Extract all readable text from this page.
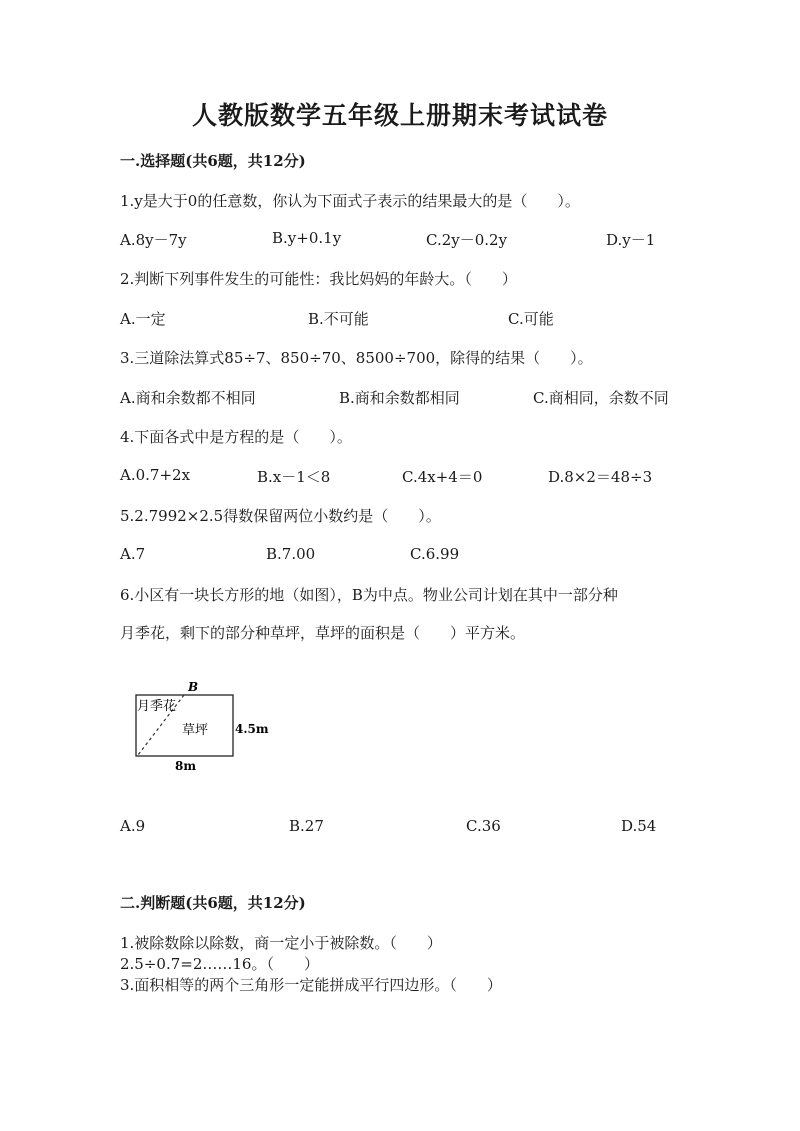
人教版数学五年级上册期末考试试卷
一.选择题(共6题，共12分)
1.y是大于0的任意数，你认为下面式子表示的结果最大的是（　　）。
A.8y－7y	B.y+0.1y	C.2y－0.2y	D.y－1
2.判断下列事件发生的可能性：我比妈妈的年龄大。（　　）
A.一定	B.不可能	C.可能
3.三道除法算式85÷7、850÷70、8500÷700，除得的结果（　　）。
A.商和余数都不相同	B.商和余数都相同	C.商相同，余数不同
4.下面各式中是方程的是（　　）。
A.0.7+2x	B.x－1＜8	C.4x+4＝0	D.8×2＝48÷3
5.2.7992×2.5得数保留两位小数约是（　　）。
A.7	B.7.00	C.6.99
6.小区有一块长方形的地（如图），B为中点。物业公司计划在其中一部分种
月季花，剩下的部分种草坪，草坪的面积是（　　）平方米。
B
月季花
草坪 4.5m
8m
A.9	B.27	C.36	D.54
二.判断题(共6题，共12分)
1.被除数除以除数，商一定小于被除数。（　　）
2.5÷0.7=2……16。（　　）
3.面积相等的两个三角形一定能拼成平行四边形。（　　）
